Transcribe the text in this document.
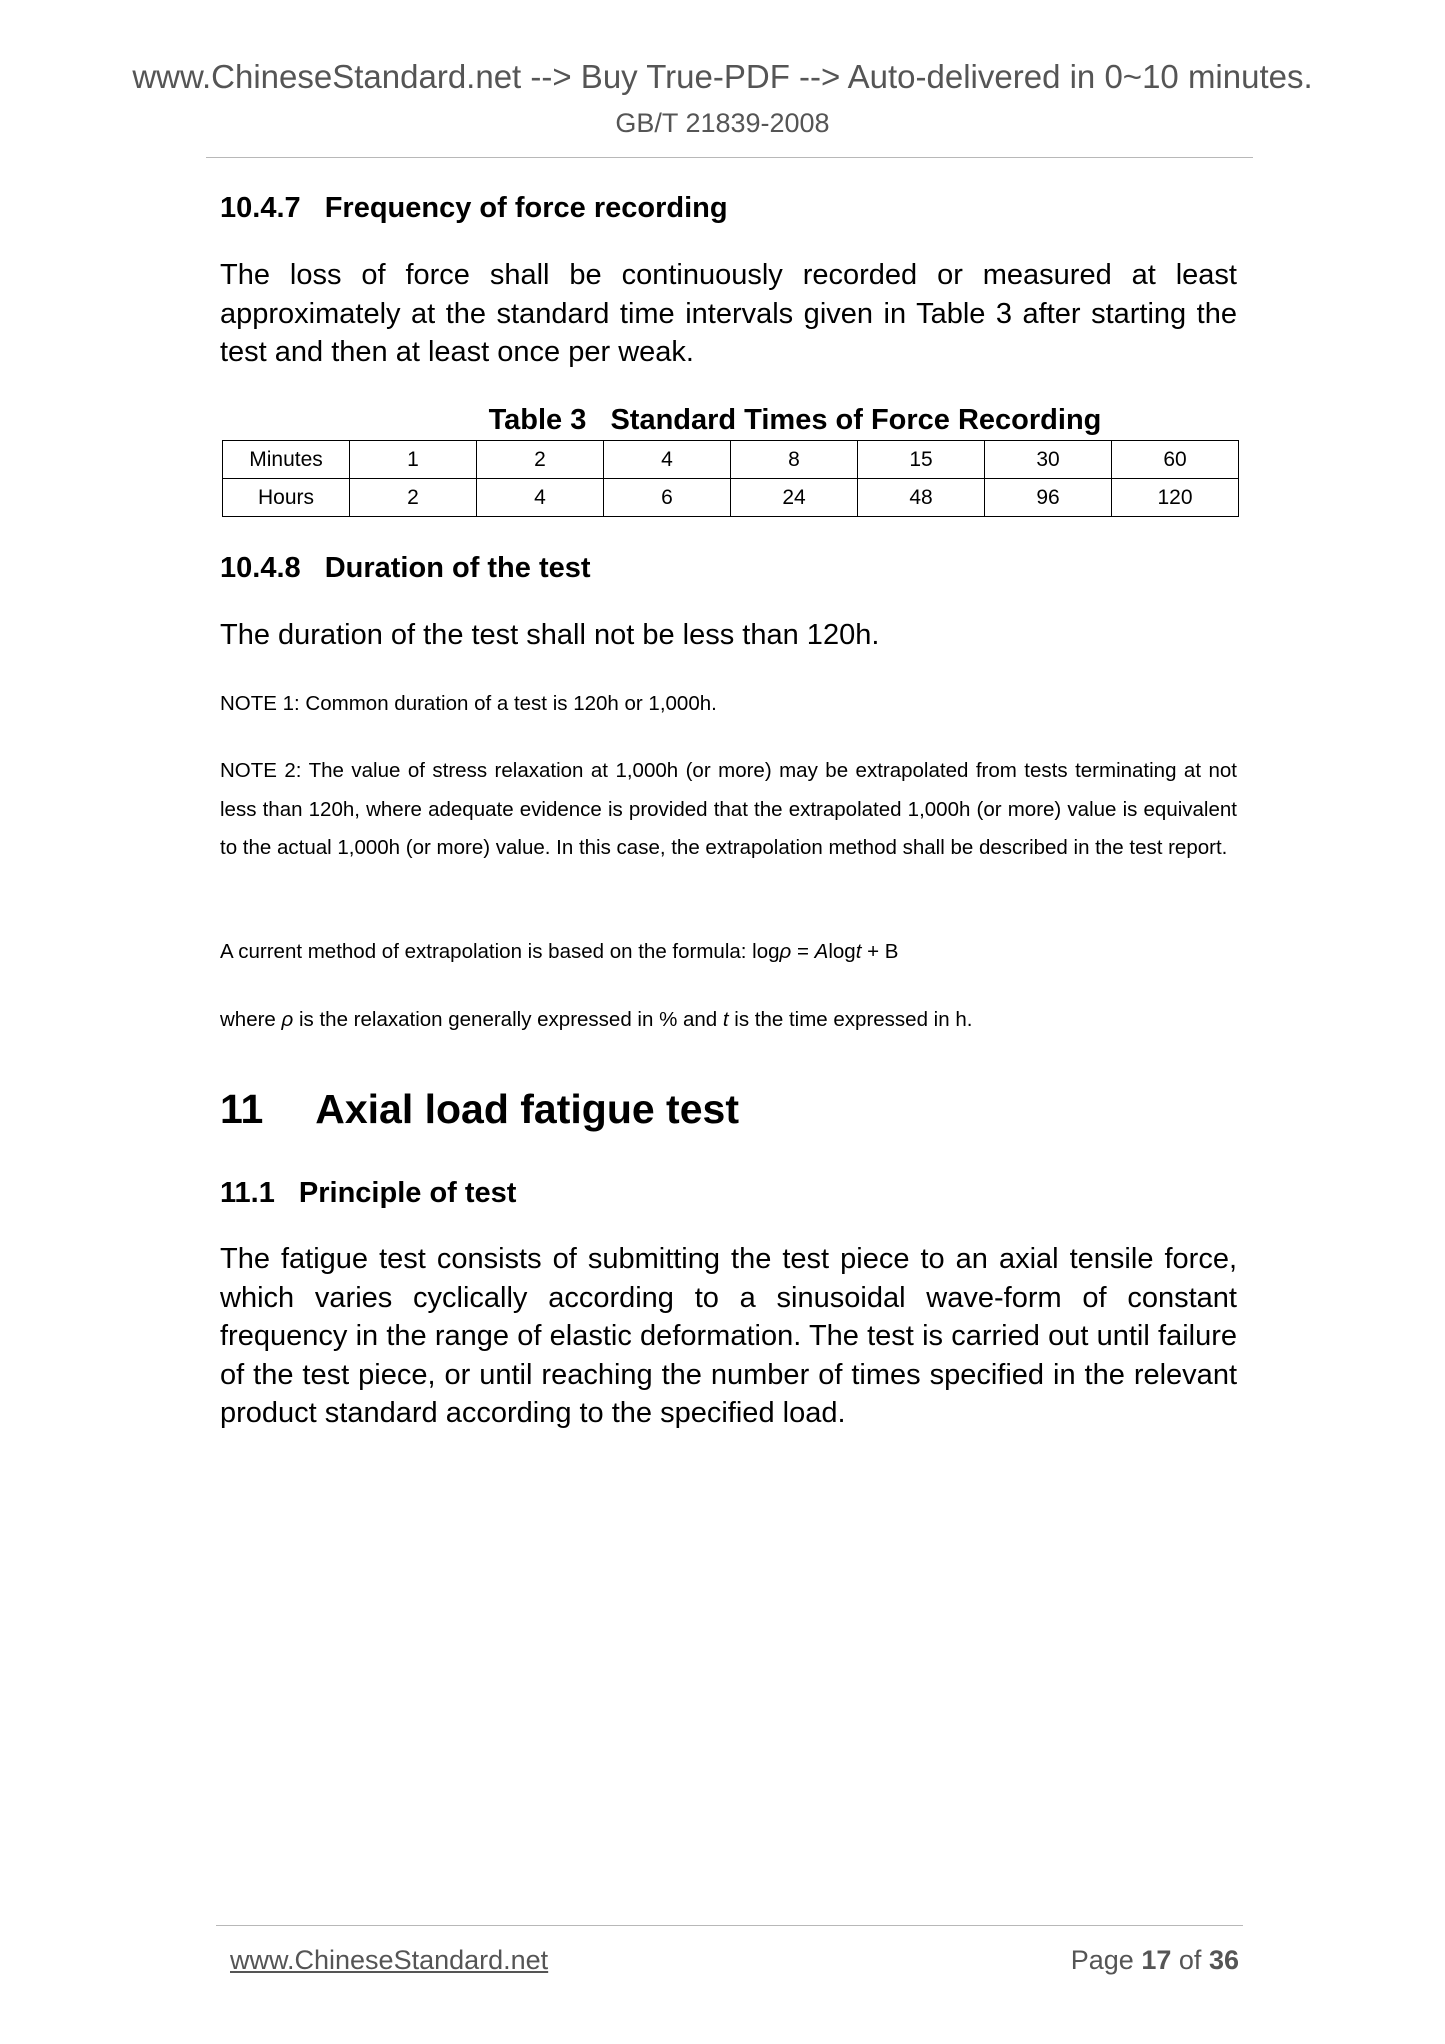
www.ChineseStandard.net --> Buy True-PDF --> Auto-delivered in 0~10 minutes.
GB/T 21839-2008
10.4.7 Frequency of force recording
The loss of force shall be continuously recorded or measured at least approximately at the standard time intervals given in Table 3 after starting the test and then at least once per weak.
Table 3 Standard Times of Force Recording
Minutes	1	2	4	8	15	30	60
Hours	2	4	6	24	48	96	120
10.4.8 Duration of the test
The duration of the test shall not be less than 120h.
NOTE 1: Common duration of a test is 120h or 1,000h.
NOTE 2: The value of stress relaxation at 1,000h (or more) may be extrapolated from tests terminating at not less than 120h, where adequate evidence is provided that the extrapolated 1,000h (or more) value is equivalent to the actual 1,000h (or more) value. In this case, the extrapolation method shall be described in the test report.
A current method of extrapolation is based on the formula: logρ = Alogt + B
where ρ is the relaxation generally expressed in % and t is the time expressed in h.
11 Axial load fatigue test
11.1 Principle of test
The fatigue test consists of submitting the test piece to an axial tensile force, which varies cyclically according to a sinusoidal wave-form of constant frequency in the range of elastic deformation. The test is carried out until failure of the test piece, or until reaching the number of times specified in the relevant product standard according to the specified load.
www.ChineseStandard.net	Page 17 of 36
